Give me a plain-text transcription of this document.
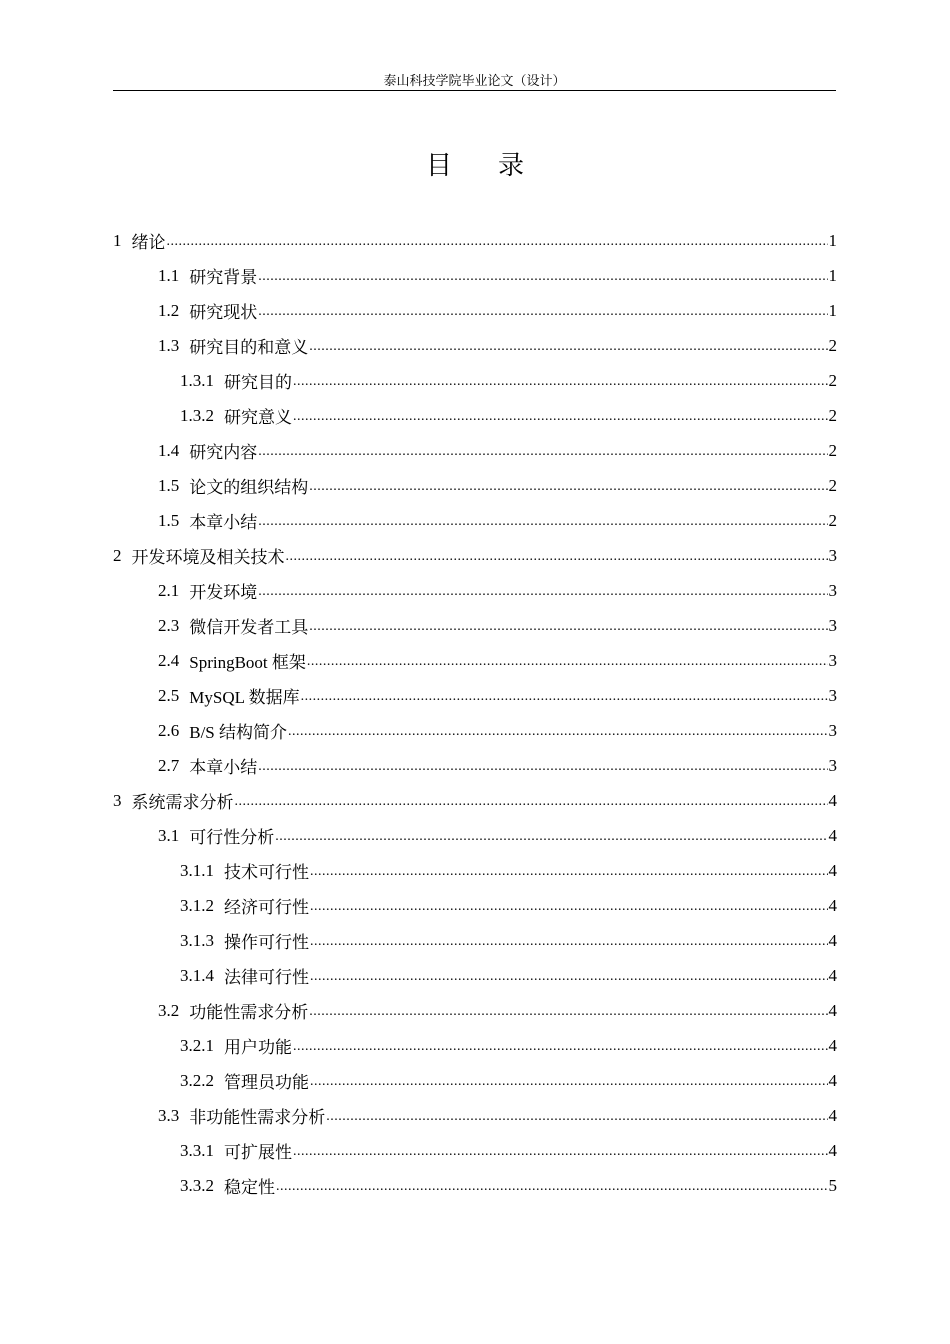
泰山科技学院毕业论文（设计）
目录
1 绪论 .....	1
1.1 研究背景 .....	1
1.2 研究现状 .....	1
1.3 研究目的和意义 .....	2
1.3.1 研究目的 .....	2
1.3.2 研究意义 .....	2
1.4 研究内容 .....	2
1.5 论文的组织结构 .....	2
1.5 本章小结 .....	2
2 开发环境及相关技术 .....	3
2.1 开发环境 .....	3
2.3 微信开发者工具 .....	3
2.4 SpringBoot 框架 .....	3
2.5 MySQL 数据库 .....	3
2.6 B/S 结构简介 .....	3
2.7 本章小结 .....	3
3 系统需求分析 .....	4
3.1 可行性分析 .....	4
3.1.1 技术可行性 .....	4
3.1.2 经济可行性 .....	4
3.1.3 操作可行性 .....	4
3.1.4 法律可行性 .....	4
3.2 功能性需求分析 .....	4
3.2.1 用户功能 .....	4
3.2.2 管理员功能 .....	4
3.3 非功能性需求分析 .....	4
3.3.1 可扩展性 .....	4
3.3.2 稳定性 .....	5
